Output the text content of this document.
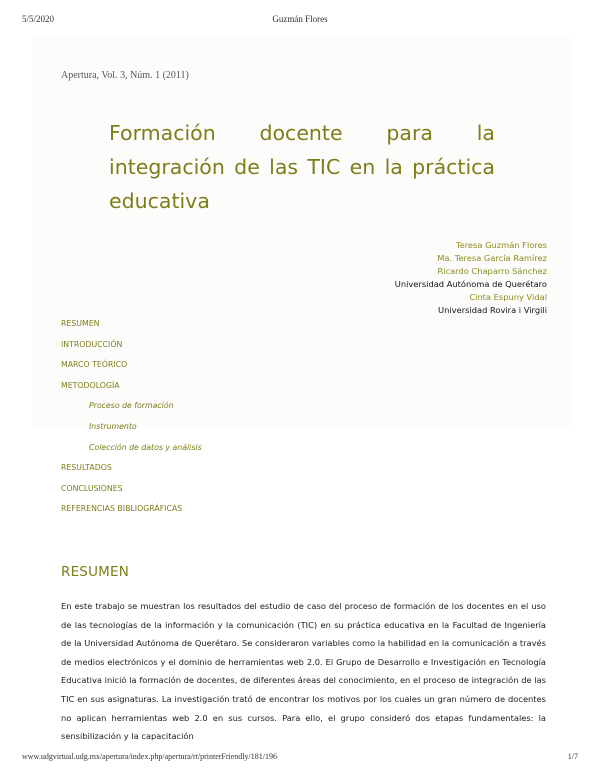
5/5/2020	Guzmán Flores
Apertura, Vol. 3, Núm. 1 (2011)
Formación docente para la integración de las TIC en la práctica educativa
Teresa Guzmán Flores
Ma. Teresa García Ramírez
Ricardo Chaparro Sánchez
Universidad Autónoma de Querétaro
Cinta Espuny Vidal
Universidad Rovira i Virgili
RESUMEN
INTRODUCCIÓN
MARCO TEÓRICO
METODOLOGÍA
Proceso de formación
Instrumento
Colección de datos y análisis
RESULTADOS
CONCLUSIONES
REFERENCIAS BIBLIOGRÁFICAS
RESUMEN

En este trabajo se muestran los resultados del estudio de caso del proceso de formación de los docentes en el uso de las tecnologías de la información y la comunicación (TIC) en su práctica educativa en la Facultad de Ingeniería de la Universidad Autónoma de Querétaro. Se consideraron variables como la habilidad en la comunicación a través de medios electrónicos y el dominio de herramientas web 2.0. El Grupo de Desarrollo e Investigación en Tecnología Educativa inició la formación de docentes, de diferentes áreas del conocimiento, en el proceso de integración de las TIC en sus asignaturas. La investigación trató de encontrar los motivos por los cuales un gran número de docentes no aplican herramientas web 2.0 en sus cursos. Para ello, el grupo consideró dos etapas fundamentales: la sensibilización y la capacitación

www.udgvirtual.udg.mx/apertura/index.php/apertura/rt/printerFriendly/181/196	1/7
